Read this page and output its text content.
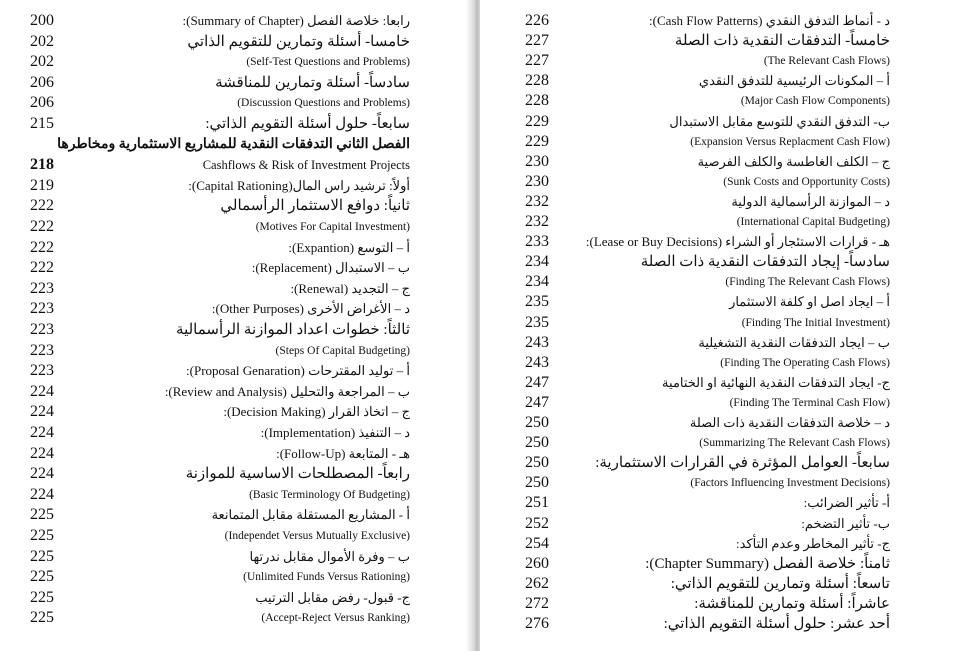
200	رابعا: خلاصة الفصل (Summary of Chapter):
202	خامسا- أسئلة وتمارين للتقويم الذاتي
202	(Self-Test Questions and Problems)
206	سادساً- أسئلة وتمارين للمناقشة
206	(Discussion Questions and Problems)
215	سابعاً- حلول أسئلة التقويم الذاتي:
الفصل الثاني التدفقات النقدية للمشاريع الاستثمارية ومخاطرها
218	Cashflows & Risk of Investment Projects
219	أولاً: ترشيد راس المال(Capital Rationing):
222	ثانياً: دوافع الاستثمار الرأسمالي
222	(Motives For Capital Investment)
222	أ – التوسع (Expantion):
222	ب – الاستبدال (Replacement):
223	ج – التجديد (Renewal):
223	د – الأغراض الأخرى (Other Purposes):
223	ثالثاً: خطوات اعداد الموازنة الرأسمالية
223	(Steps Of Capital Budgeting)
223	أ – توليد المقترحات (Proposal Genaration):
224	ب – المراجعة والتحليل (Review and Analysis):
224	ج – اتخاذ القرار (Decision Making):
224	د – التنفيذ (Implementation):
224	هـ - المتابعة (Follow-Up):
224	رابعاً- المصطلحات الاساسية للموازنة
224	(Basic Terminology Of Budgeting)
225	أ - المشاريع المستقلة مقابل المتمانعة
225	(Independet Versus Mutually Exclusive)
225	ب – وفرة الأموال مقابل ندرتها
225	(Unlimited Funds Versus Rationing)
225	ج- قبول- رفض مقابل الترتيب
225	(Accept-Reject Versus Ranking)
226	د - أنماط التدفق النقدي (Cash Flow Patterns):
227	خامساً- التدفقات النقدية ذات الصلة
227	(The Relevant Cash Flows)
228	أ – المكونات الرئيسية للتدفق النقدي
228	(Major Cash Flow Components)
229	ب- التدفق النقدي للتوسع مقابل الاستبدال
229	(Expansion Versus Replacment Cash Flow)
230	ج – الكلف الغاطسة والكلف الفرصية
230	(Sunk Costs and Opportunity Costs)
232	د – الموازنة الرأسمالية الدولية
232	(International Capital Budgeting)
233	هـ - قرارات الاستئجار أو الشراء (Lease or Buy Decisions):
234	سادساً- إيجاد التدفقات النقدية ذات الصلة
234	(Finding The Relevant Cash Flows)
235	أ – ايجاد اصل او كلفة الاستثمار
235	(Finding The Initial Investment)
243	ب – ايجاد التدفقات النقدية التشغيلية
243	(Finding The Operating Cash Flows)
247	ج- ايجاد التدفقات النقدية النهائية او الختامية
247	(Finding The Terminal Cash Flow)
250	د – خلاصة التدفقات النقدية ذات الصلة
250	(Summarizing The Relevant Cash Flows)
250	سابعاً- العوامل المؤثرة في القرارات الاستثمارية:
250	(Factors Influencing Investment Decisions)
251	أ- تأثير الضرائب:
252	ب- تأثير التضخم:
254	ج- تأثير المخاطر وعدم التأكد:
260	ثامناً: خلاصة الفصل (Chapter Summary):
262	تاسعاً: أسئلة وتمارين للتقويم الذاتي:
272	عاشراً: أسئلة وتمارين للمناقشة:
276	أحد عشر: حلول أسئلة التقويم الذاتي:
